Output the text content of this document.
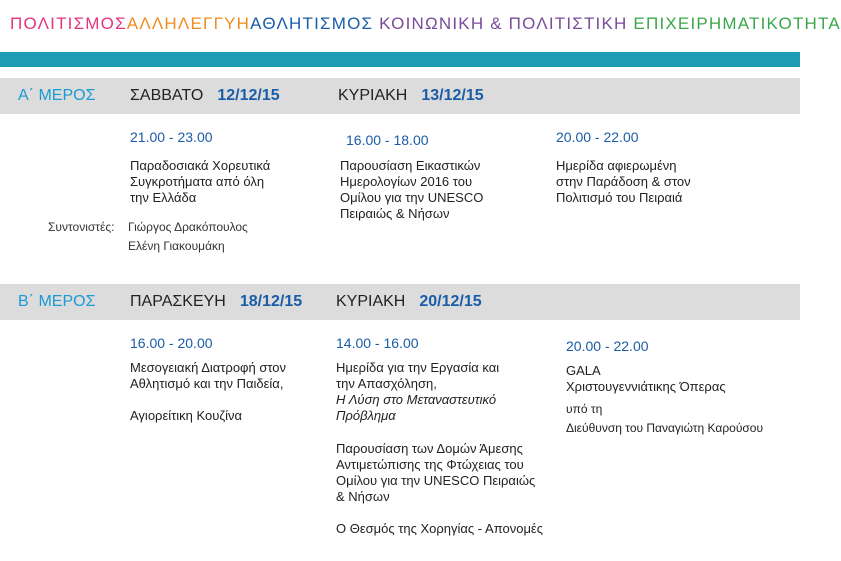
ΠΟΛΙΤΙΣΜΟΣΑΛΛΗΛΕΓΓΥΗΑΘΛΗΤΙΣΜΟΣ ΚΟΙΝΩΝΙΚΗ & ΠΟΛΙΤΙΣΤΙΚΗ ΕΠΙΧΕΙΡΗΜΑΤΙΚΟΤΗΤΑ
Α΄ ΜΕΡΟΣ ΣΑΒΒΑΤΟ 12/12/15	ΚΥΡΙΑΚΗ 13/12/15
21.00 - 23.00
Παραδοσιακά Χορευτικά
Συγκροτήματα από όλη
την Ελλάδα
Συντονιστές: Γιώργος Δρακόπουλος
Ελένη Γιακουμάκη
16.00 - 18.00
Παρουσίαση Εικαστικών
Ημερολογίων 2016 του
Ομίλου για την UNESCO
Πειραιώς & Νήσων
20.00 - 22.00
Ημερίδα αφιερωμένη
στην Παράδοση & στον
Πολιτισμό του Πειραιά
Β΄ ΜΕΡΟΣ ΠΑΡΑΣΚΕΥΗ 18/12/15 ΚΥΡΙΑΚΗ 20/12/15
16.00 - 20.00
Μεσογειακή Διατροφή στον
Αθλητισμό και την Παιδεία,
Αγιορείτικη Κουζίνα
14.00 - 16.00
Ημερίδα για την Εργασία και
την Απασχόληση,
Η Λύση στο Μεταναστευτικό
Πρόβλημα
Παρουσίαση των Δομών Άμεσης
Αντιμετώπισης της Φτώχειας του
Ομίλου για την UNESCO Πειραιώς
& Νήσων
Ο Θεσμός της Χορηγίας - Απονομές
20.00 - 22.00
GALA
Χριστουγεννιάτικης Όπερας
υπό τη
Διεύθυνση του Παναγιώτη Καρούσου
